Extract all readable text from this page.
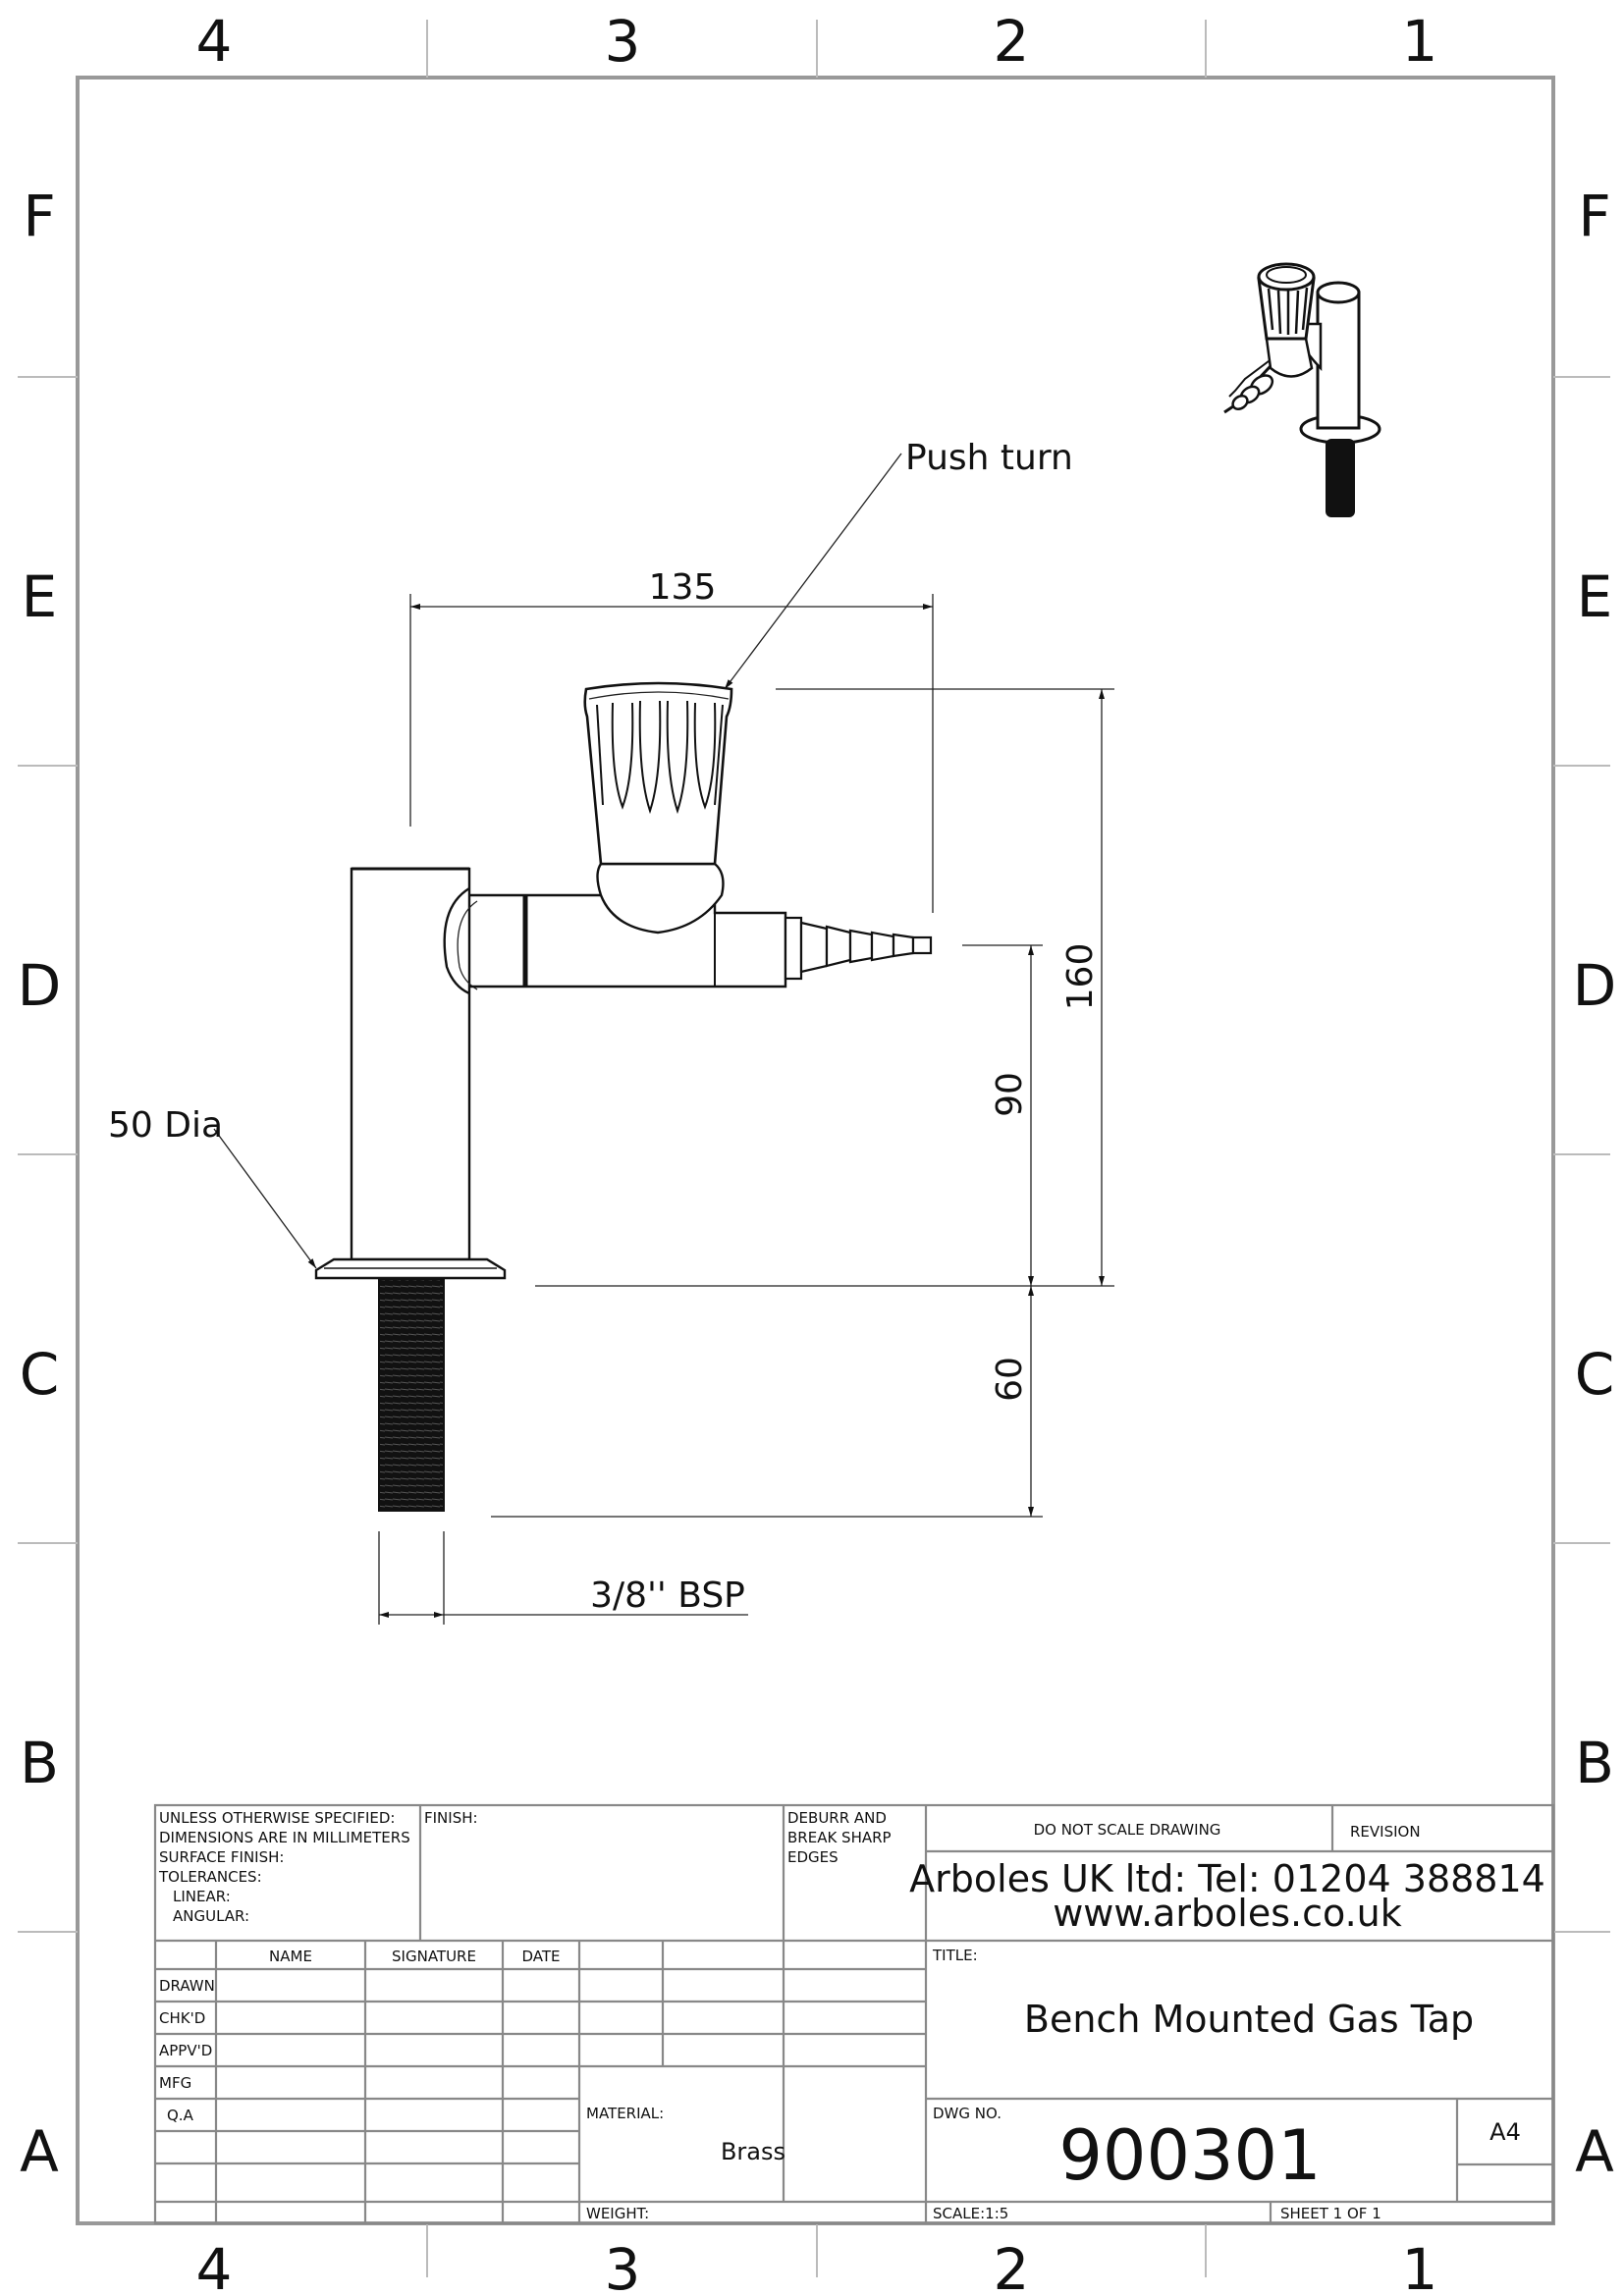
4	3	2	1
4	3	2	1
F
E
D
C
B
A
F
E
D
C
B
A
135
160
90
60
3/8'' BSP
Push turn
50 Dia
UNLESS OTHERWISE SPECIFIED:
DIMENSIONS ARE IN MILLIMETERS
SURFACE FINISH:
TOLERANCES:
LINEAR:
ANGULAR:
FINISH:	DEBURR AND
BREAK SHARP
EDGES
DO NOT SCALE DRAWING	REVISION
Arboles UK ltd: Tel: 01204 388814
www.arboles.co.uk
NAME	SIGNATURE	DATE
DRAWN
CHK'D
APPV'D
MFG
Q.A
TITLE:
Bench Mounted Gas Tap
MATERIAL:
Brass
DWG NO.
900301	A4
WEIGHT:	SCALE:1:5	SHEET 1 OF 1
